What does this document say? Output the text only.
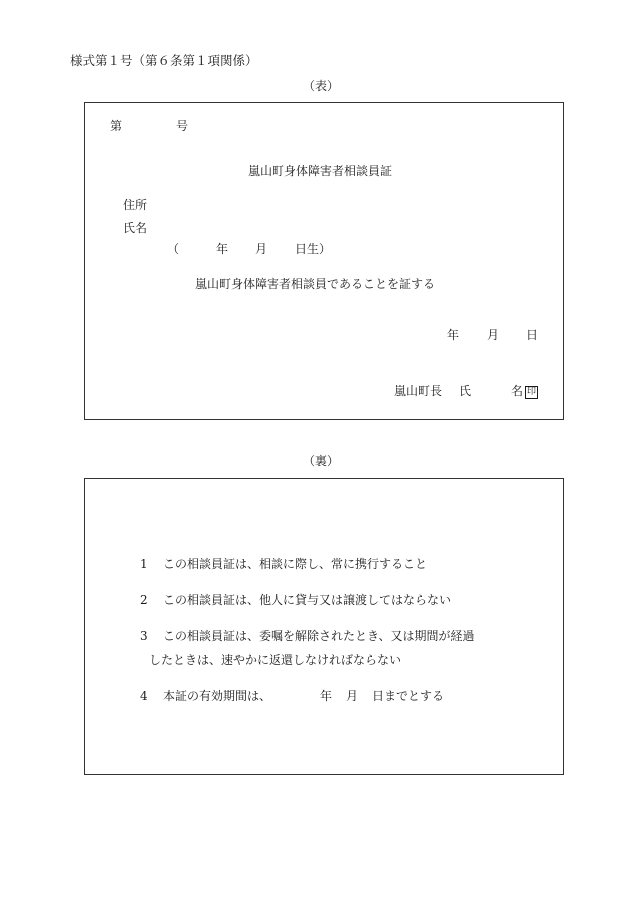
様式第１号（第６条第１項関係）
（表）
第	号
嵐山町身体障害者相談員証
住所
氏名
（	年 月 日生）
嵐山町身体障害者相談員であることを証する
年 月 日
嵐山町長 氏	名 印
（裏）
1 この相談員証は、相談に際し、常に携行すること
2 この相談員証は、他人に貸与又は譲渡してはならない
3 この相談員証は、委嘱を解除されたとき、又は期間が経過
したときは、速やかに返還しなければならない
4 本証の有効期間は、	年 月 日までとする
